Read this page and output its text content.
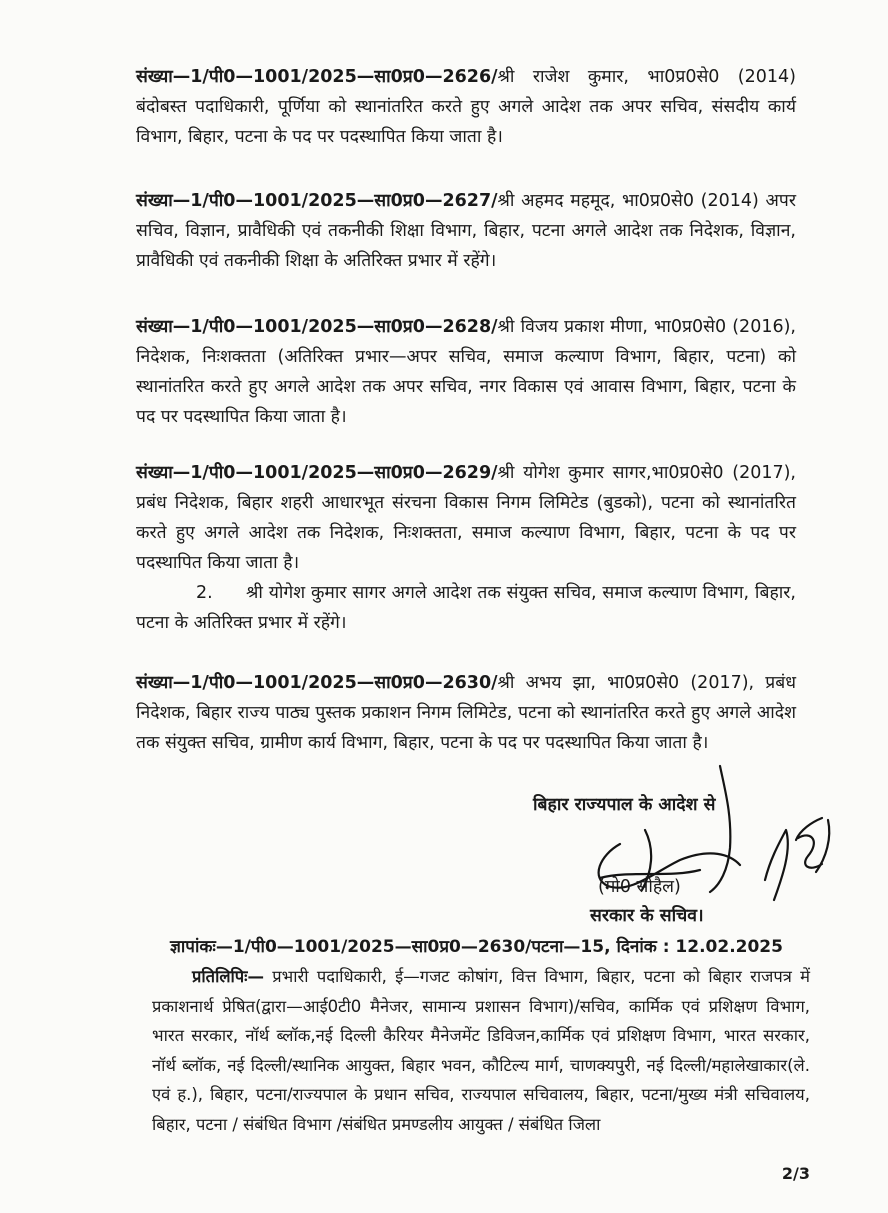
संख्या—1/पी0—1001/2025—सा0प्र0—2626/श्री राजेश कुमार, भा0प्र0से0 (2014) बंदोबस्त पदाधिकारी, पूर्णिया को स्थानांतरित करते हुए अगले आदेश तक अपर सचिव, संसदीय कार्य विभाग, बिहार, पटना के पद पर पदस्थापित किया जाता है।
संख्या—1/पी0—1001/2025—सा0प्र0—2627/श्री अहमद महमूद, भा0प्र0से0 (2014) अपर सचिव, विज्ञान, प्रावैधिकी एवं तकनीकी शिक्षा विभाग, बिहार, पटना अगले आदेश तक निदेशक, विज्ञान, प्रावैधिकी एवं तकनीकी शिक्षा के अतिरिक्त प्रभार में रहेंगे।
संख्या—1/पी0—1001/2025—सा0प्र0—2628/श्री विजय प्रकाश मीणा, भा0प्र0से0 (2016), निदेशक, निःशक्तता (अतिरिक्त प्रभार—अपर सचिव, समाज कल्याण विभाग, बिहार, पटना) को स्थानांतरित करते हुए अगले आदेश तक अपर सचिव, नगर विकास एवं आवास विभाग, बिहार, पटना के पद पर पदस्थापित किया जाता है।
संख्या—1/पी0—1001/2025—सा0प्र0—2629/श्री योगेश कुमार सागर,भा0प्र0से0 (2017), प्रबंध निदेशक, बिहार शहरी आधारभूत संरचना विकास निगम लिमिटेड (बुडको), पटना को स्थानांतरित करते हुए अगले आदेश तक निदेशक, निःशक्तता, समाज कल्याण विभाग, बिहार, पटना के पद पर पदस्थापित किया जाता है।
2. श्री योगेश कुमार सागर अगले आदेश तक संयुक्त सचिव, समाज कल्याण विभाग, बिहार, पटना के अतिरिक्त प्रभार में रहेंगे।
संख्या—1/पी0—1001/2025—सा0प्र0—2630/श्री अभय झा, भा0प्र0से0 (2017), प्रबंध निदेशक, बिहार राज्य पाठ्य पुस्तक प्रकाशन निगम लिमिटेड, पटना को स्थानांतरित करते हुए अगले आदेश तक संयुक्त सचिव, ग्रामीण कार्य विभाग, बिहार, पटना के पद पर पदस्थापित किया जाता है।
बिहार राज्यपाल के आदेश से
(मो0 सोहैल)
सरकार के सचिव।
ज्ञापांकः—1/पी0—1001/2025—सा0प्र0—2630/पटना—15, दिनांक : 12.02.2025
प्रतिलिपिः— प्रभारी पदाधिकारी, ई—गजट कोषांग, वित्त विभाग, बिहार, पटना को बिहार राजपत्र में प्रकाशनार्थ प्रेषित(द्वारा—आई0टी0 मैनेजर, सामान्य प्रशासन विभाग)/सचिव, कार्मिक एवं प्रशिक्षण विभाग, भारत सरकार, नॉर्थ ब्लॉक,नई दिल्ली कैरियर मैनेजमेंट डिविजन,कार्मिक एवं प्रशिक्षण विभाग, भारत सरकार, नॉर्थ ब्लॉक, नई दिल्ली/स्थानिक आयुक्त, बिहार भवन, कौटिल्य मार्ग, चाणक्यपुरी, नई दिल्ली/महालेखाकार(ले. एवं ह.), बिहार, पटना/राज्यपाल के प्रधान सचिव, राज्यपाल सचिवालय, बिहार, पटना/मुख्य मंत्री सचिवालय, बिहार, पटना / संबंधित विभाग /संबंधित प्रमण्डलीय आयुक्त / संबंधित जिला
2/3
